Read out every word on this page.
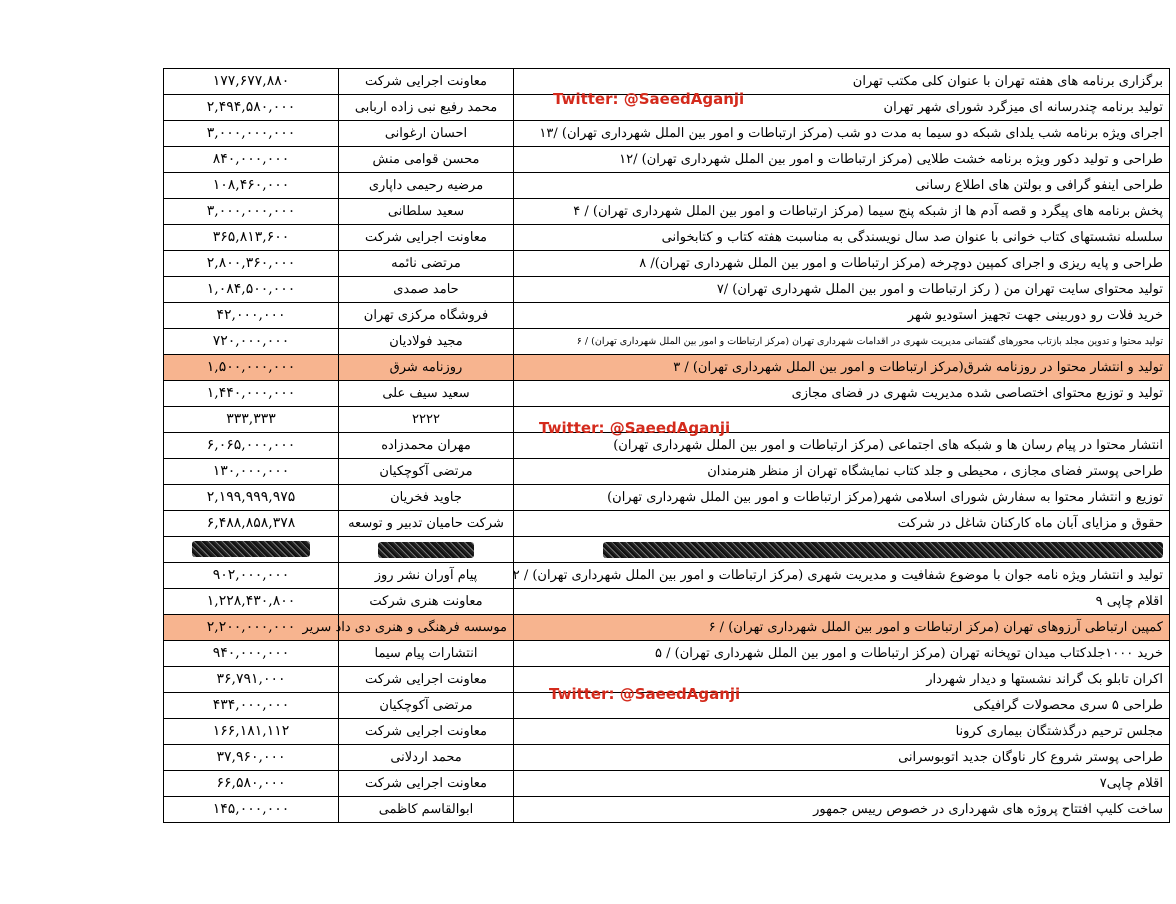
۱۷۷,۶۷۷,۸۸۰	معاونت اجرایی شرکت	برگزاری برنامه های هفته تهران با عنوان کلی مکتب تهران
۲,۴۹۴,۵۸۰,۰۰۰	محمد رفیع نبی زاده اربابی	تولید برنامه چندرسانه ای میزگرد شورای شهر تهران
۳,۰۰۰,۰۰۰,۰۰۰	احسان ارغوانی	اجرای ویژه برنامه شب یلدای شبکه دو سیما به مدت دو شب (مرکز ارتباطات و امور بین الملل شهرداری تهران) /۱۳
۸۴۰,۰۰۰,۰۰۰	محسن قوامی منش	طراحی و تولید دکور ویژه برنامه خشت طلایی (مرکز ارتباطات و امور بین الملل شهرداری تهران) /۱۲
۱۰۸,۴۶۰,۰۰۰	مرضیه رحیمی داپاری	طراحی اینفو گرافی و بولتن های اطلاع رسانی
۳,۰۰۰,۰۰۰,۰۰۰	سعید سلطانی	پخش برنامه های پیگرد و قصه آدم ها از شبکه پنج سیما (مرکز ارتباطات و امور بین الملل شهرداری تهران) / ۴
۳۶۵,۸۱۳,۶۰۰	معاونت اجرایی شرکت	سلسله نشستهای کتاب خوانی با عنوان صد سال نویسندگی به مناسبت هفته کتاب و کتابخوانی
۲,۸۰۰,۳۶۰,۰۰۰	مرتضی نائمه	طراحی و پایه ریزی و اجرای کمپین دوچرخه (مرکز ارتباطات و امور بین الملل شهرداری تهران)/ ۸
۱,۰۸۴,۵۰۰,۰۰۰	حامد صمدی	تولید محتوای سایت تهران من ( رکز ارتباطات و امور بین الملل شهرداری تهران) /۷
۴۲,۰۰۰,۰۰۰	فروشگاه مرکزی تهران	خرید فلات رو دوربینی جهت تجهیز استودیو شهر
۷۲۰,۰۰۰,۰۰۰	مجید فولادیان	تولید محتوا و تدوین مجلد بازتاب محورهای گفتمانی مدیریت شهری در اقدامات شهرداری تهران (مرکز ارتباطات و امور بین الملل شهرداری تهران) / ۶
۱,۵۰۰,۰۰۰,۰۰۰	روزنامه شرق	تولید و انتشار محتوا در روزنامه شرق(مرکز ارتباطات و امور بین الملل شهرداری تهران) / ۳
۱,۴۴۰,۰۰۰,۰۰۰	سعید سیف علی	تولید و توزیع محتوای اختصاصی شده مدیریت شهری در فضای مجازی
۳۳۳,۳۳۳	۲۲۲۲	
۶,۰۶۵,۰۰۰,۰۰۰	مهران محمدزاده	انتشار محتوا در پیام رسان ها و شبکه های اجتماعی (مرکز ارتباطات و امور بین الملل شهرداری تهران)
۱۳۰,۰۰۰,۰۰۰	مرتضی آکوچکیان	طراحی پوستر فضای مجازی ، محیطی و جلد کتاب نمایشگاه تهران از منظر هنرمندان
۲,۱۹۹,۹۹۹,۹۷۵	جاوید فخریان	توزیع و انتشار محتوا به سفارش شورای اسلامی شهر(مرکز ارتباطات و امور بین الملل شهرداری تهران)
۶,۴۸۸,۸۵۸,۳۷۸	شرکت حامیان تدبیر و توسعه	حقوق و مزایای آبان ماه کارکنان شاغل در شرکت

۹۰۲,۰۰۰,۰۰۰	پیام آوران نشر روز	تولید و انتشار ویژه نامه جوان با موضوع شفافیت و مدیریت شهری (مرکز ارتباطات و امور بین الملل شهرداری تهران) / ۲
۱,۲۲۸,۴۳۰,۸۰۰	معاونت هنری شرکت	اقلام چاپی ۹
۲,۲۰۰,۰۰۰,۰۰۰	موسسه فرهنگی و هنری دی داد سریر	کمپین ارتباطی آرزوهای تهران (مرکز ارتباطات و امور بین الملل شهرداری تهران) / ۶
۹۴۰,۰۰۰,۰۰۰	انتشارات پیام سیما	خرید ۱۰۰۰جلدکتاب میدان توپخانه تهران (مرکز ارتباطات و امور بین الملل شهرداری تهران) / ۵
۳۶,۷۹۱,۰۰۰	معاونت اجرایی شرکت	اکران تابلو بک گراند نشستها و دیدار شهردار
۴۳۴,۰۰۰,۰۰۰	مرتضی آکوچکیان	طراحی ۵ سری محصولات گرافیکی
۱۶۶,۱۸۱,۱۱۲	معاونت اجرایی شرکت	مجلس ترحیم درگذشتگان بیماری کرونا
۳۷,۹۶۰,۰۰۰	محمد اردلانی	طراحی پوستر شروع کار ناوگان جدید اتوبوسرانی
۶۶,۵۸۰,۰۰۰	معاونت اجرایی شرکت	اقلام چاپی۷
۱۴۵,۰۰۰,۰۰۰	ابوالقاسم کاظمی	ساخت کلیپ افتتاح پروژه های شهرداری در خصوص رییس جمهور
Twitter: @SaeedAganji
Twitter: @SaeedAganji
Twitter: @SaeedAganji
